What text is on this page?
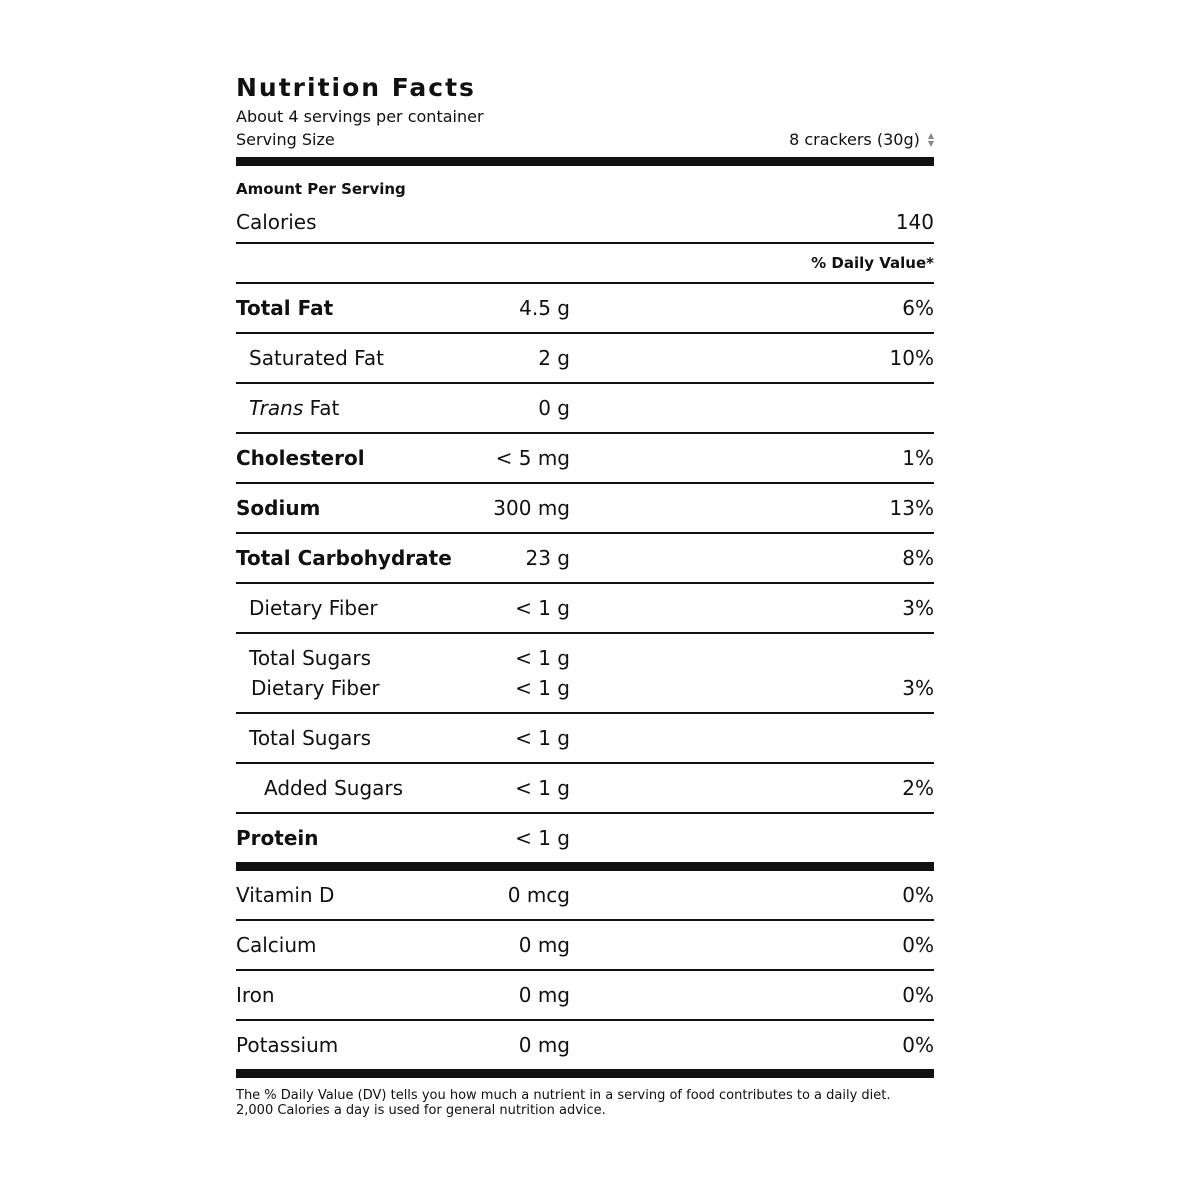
Nutrition Facts
About 4 servings per container
Serving Size	8 crackers (30g) ▲
▼
Amount Per Serving
Calories	140
% Daily Value*
Total Fat	4.5 g	6%
Saturated Fat	2 g	10%
Trans Fat	0 g
Cholesterol	< 5 mg	1%
Sodium	300 mg	13%
Total Carbohydrate	23 g	8%
Dietary Fiber	< 1 g	3%
Total Sugars	< 1 g
Dietary Fiber	< 1 g	3%
Total Sugars	< 1 g
Added Sugars	< 1 g	2%
Protein	< 1 g
Vitamin D	0 mcg	0%
Calcium	0 mg	0%
Iron	0 mg	0%
Potassium	0 mg	0%
The % Daily Value (DV) tells you how much a nutrient in a serving of food contributes to a daily diet.
2,000 Calories a day is used for general nutrition advice.
